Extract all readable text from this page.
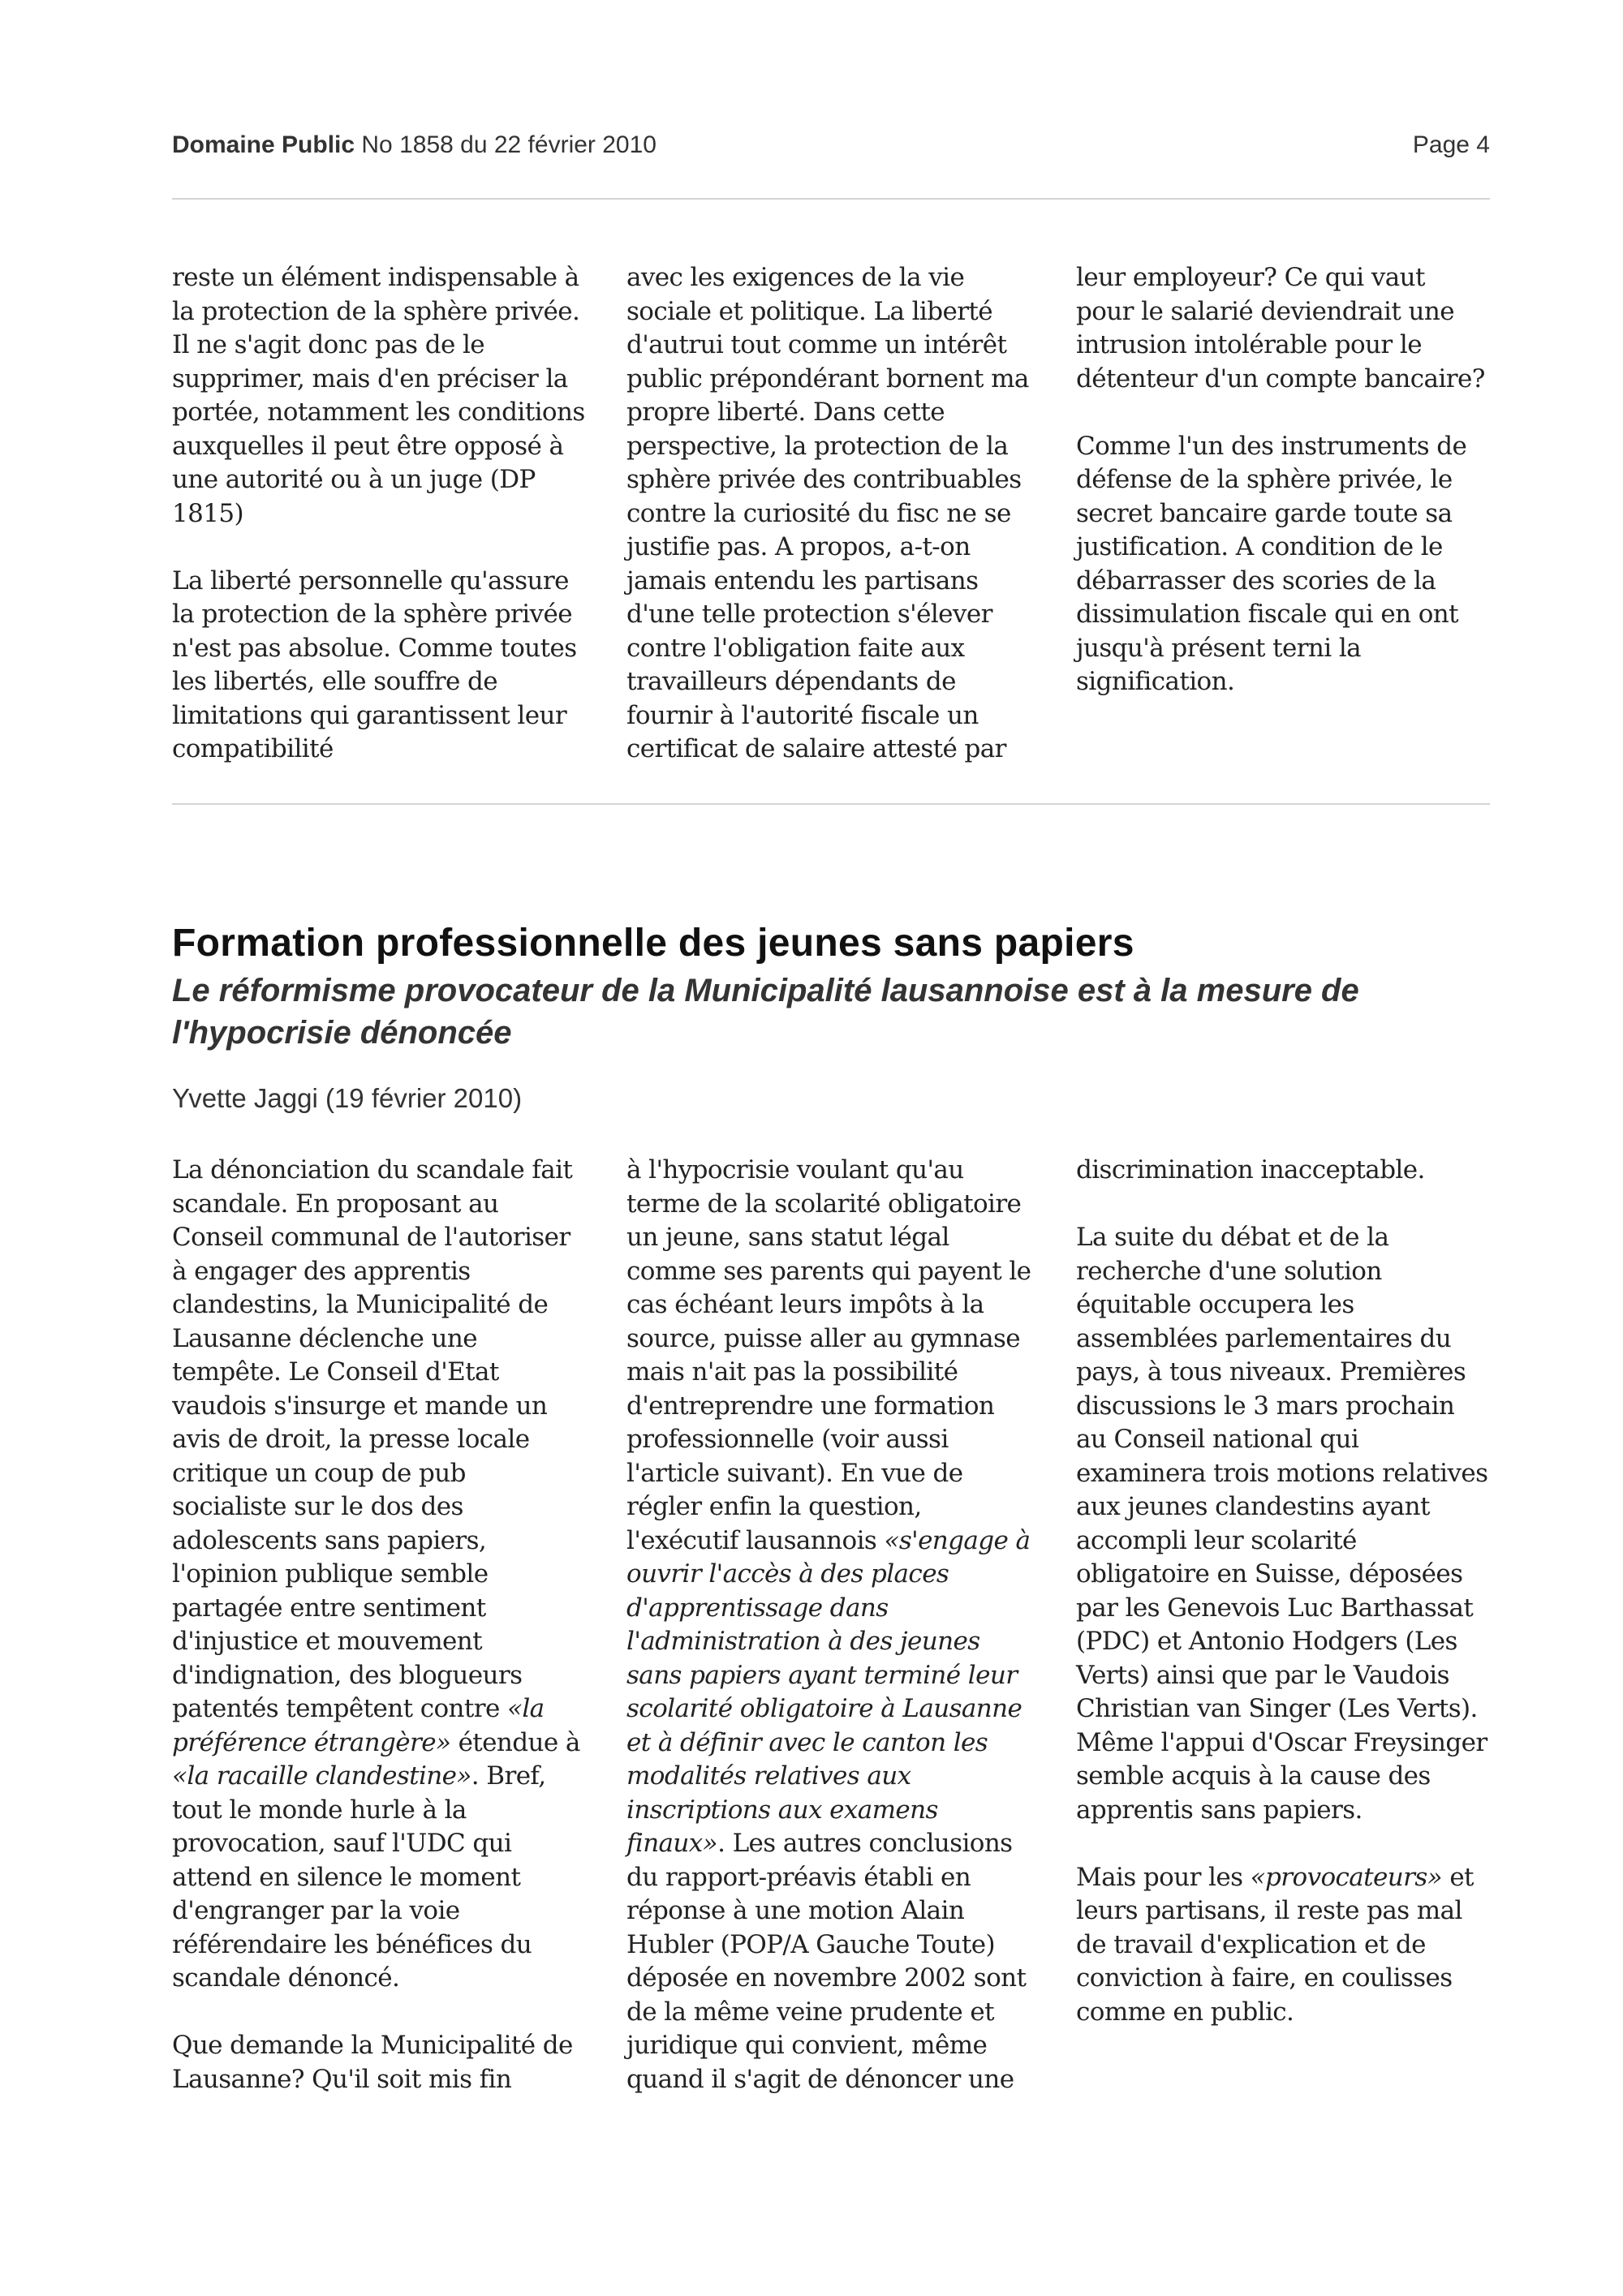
Domaine Public No 1858 du 22 février 2010	Page 4

reste un élément indispensable à la protection de la sphère privée. Il ne s'agit donc pas de le supprimer, mais d'en préciser la portée, notamment les conditions auxquelles il peut être opposé à une autorité ou à un juge (DP 1815)

La liberté personnelle qu'assure la protection de la sphère privée n'est pas absolue. Comme toutes les libertés, elle souffre de limitations qui garantissent leur compatibilité

avec les exigences de la vie sociale et politique. La liberté d'autrui tout comme un intérêt public prépondérant bornent ma propre liberté. Dans cette perspective, la protection de la sphère privée des contribuables contre la curiosité du fisc ne se justifie pas. A propos, a-t-on jamais entendu les partisans d'une telle protection s'élever contre l'obligation faite aux travailleurs dépendants de fournir à l'autorité fiscale un certificat de salaire attesté par

leur employeur? Ce qui vaut pour le salarié deviendrait une intrusion intolérable pour le détenteur d'un compte bancaire?

Comme l'un des instruments de défense de la sphère privée, le secret bancaire garde toute sa justification. A condition de le débarrasser des scories de la dissimulation fiscale qui en ont jusqu'à présent terni la signification.

Formation professionnelle des jeunes sans papiers
Le réformisme provocateur de la Municipalité lausannoise est à la mesure de l'hypocrisie dénoncée
Yvette Jaggi (19 février 2010)

La dénonciation du scandale fait scandale. En proposant au Conseil communal de l'autoriser à engager des apprentis clandestins, la Municipalité de Lausanne déclenche une tempête. Le Conseil d'Etat vaudois s'insurge et mande un avis de droit, la presse locale critique un coup de pub socialiste sur le dos des adolescents sans papiers, l'opinion publique semble partagée entre sentiment d'injustice et mouvement d'indignation, des blogueurs patentés tempêtent contre «la préférence étrangère» étendue à «la racaille clandestine». Bref, tout le monde hurle à la provocation, sauf l'UDC qui attend en silence le moment d'engranger par la voie référendaire les bénéfices du scandale dénoncé.

Que demande la Municipalité de Lausanne? Qu'il soit mis fin

à l'hypocrisie voulant qu'au terme de la scolarité obligatoire un jeune, sans statut légal comme ses parents qui payent le cas échéant leurs impôts à la source, puisse aller au gymnase mais n'ait pas la possibilité d'entreprendre une formation professionnelle (voir aussi l'article suivant). En vue de régler enfin la question, l'exécutif lausannois «s'engage à ouvrir l'accès à des places d'apprentissage dans l'administration à des jeunes sans papiers ayant terminé leur scolarité obligatoire à Lausanne et à définir avec le canton les modalités relatives aux inscriptions aux examens finaux». Les autres conclusions du rapport-préavis établi en réponse à une motion Alain Hubler (POP/A Gauche Toute) déposée en novembre 2002 sont de la même veine prudente et juridique qui convient, même quand il s'agit de dénoncer une

discrimination inacceptable.

La suite du débat et de la recherche d'une solution équitable occupera les assemblées parlementaires du pays, à tous niveaux. Premières discussions le 3 mars prochain au Conseil national qui examinera trois motions relatives aux jeunes clandestins ayant accompli leur scolarité obligatoire en Suisse, déposées par les Genevois Luc Barthassat (PDC) et Antonio Hodgers (Les Verts) ainsi que par le Vaudois Christian van Singer (Les Verts). Même l'appui d'Oscar Freysinger semble acquis à la cause des apprentis sans papiers.

Mais pour les «provocateurs» et leurs partisans, il reste pas mal de travail d'explication et de conviction à faire, en coulisses comme en public.
